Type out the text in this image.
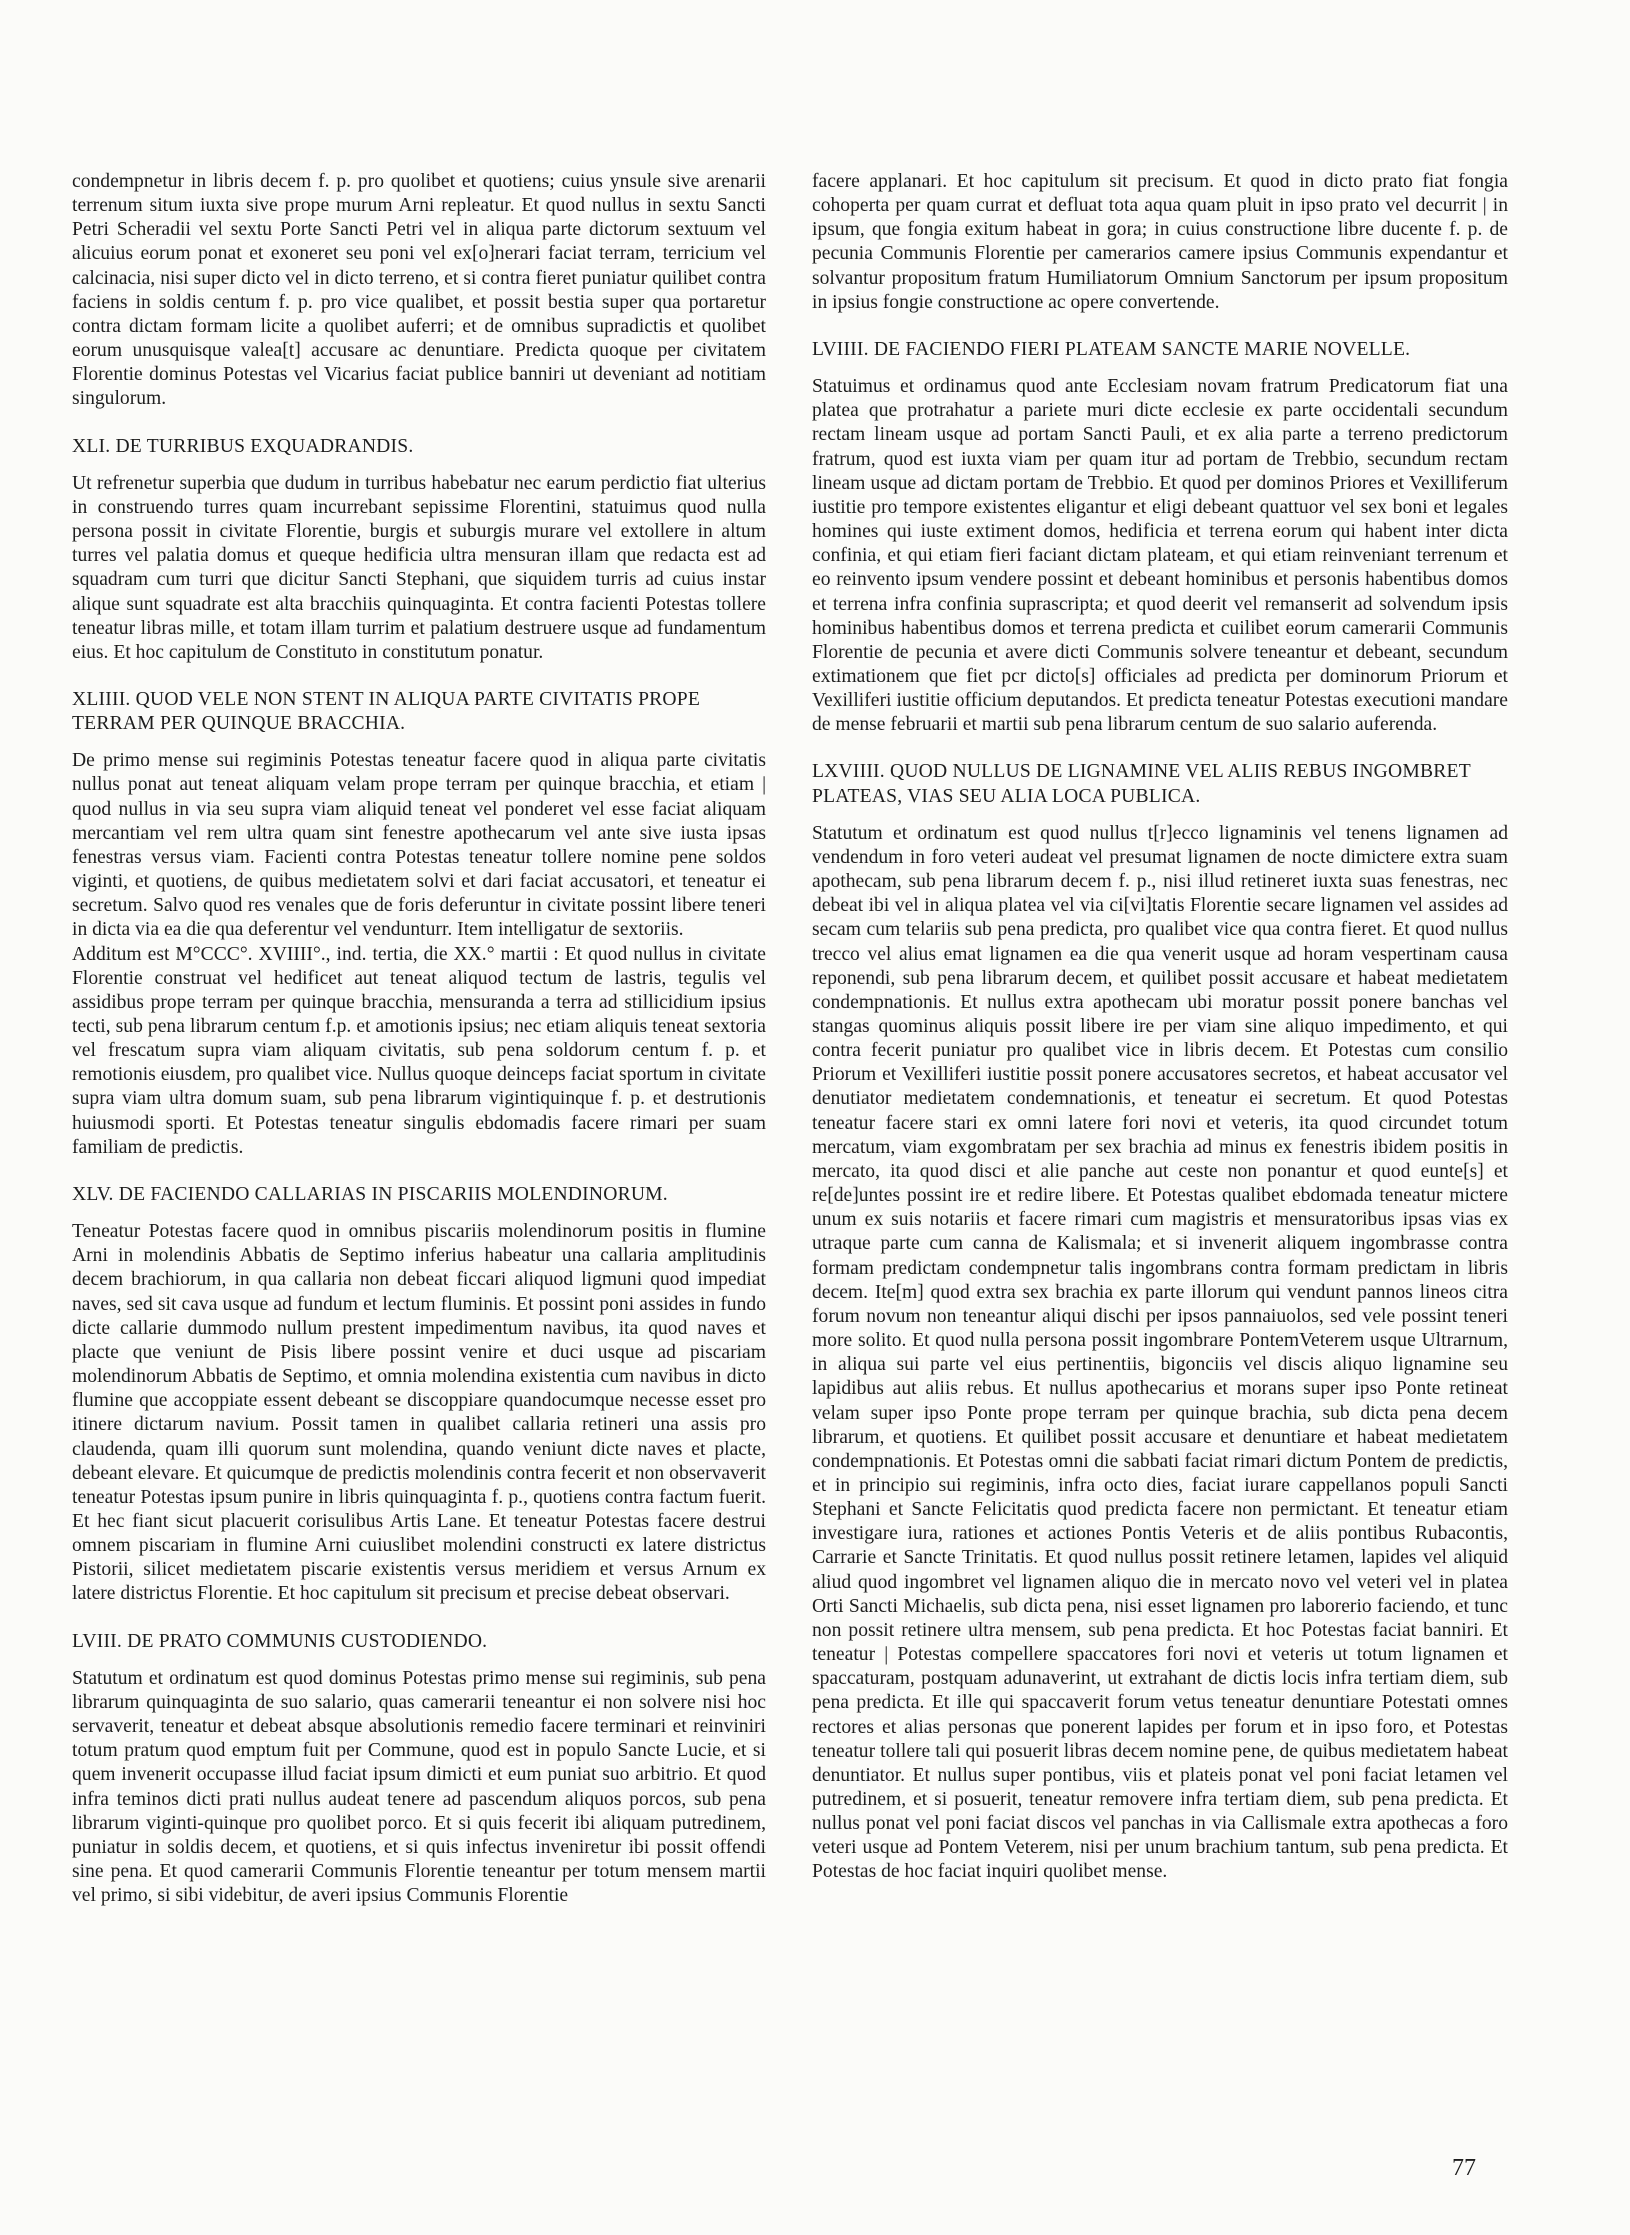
condempnetur in libris decem f. p. pro quolibet et quotiens; cuius ynsule sive arenarii terrenum situm iuxta sive prope murum Arni repleatur. Et quod nullus in sextu Sancti Petri Scheradii vel sextu Porte Sancti Petri vel in aliqua parte dictorum sextuum vel alicuius eorum ponat et exoneret seu poni vel ex[o]nerari faciat terram, terricium vel calcinacia, nisi super dicto vel in dicto terreno, et si contra fieret puniatur quilibet contra faciens in soldis centum f. p. pro vice qualibet, et possit bestia super qua portaretur contra dictam formam licite a quolibet auferri; et de omnibus supradictis et quolibet eorum unusquisque valea[t] accusare ac denuntiare. Predicta quoque per civitatem Florentie dominus Potestas vel Vicarius faciat publice banniri ut deveniant ad notitiam singulorum.

XLI. DE TURRIBUS EXQUADRANDIS.

Ut refrenetur superbia que dudum in turribus habebatur nec earum perdictio fiat ulterius in construendo turres quam incurrebant sepissime Florentini, statuimus quod nulla persona possit in civitate Florentie, burgis et suburgis murare vel extollere in altum turres vel palatia domus et queque hedificia ultra mensuran illam que redacta est ad squadram cum turri que dicitur Sancti Stephani, que siquidem turris ad cuius instar alique sunt squadrate est alta bracchiis quinquaginta. Et contra facienti Potestas tollere teneatur libras mille, et totam illam turrim et palatium destruere usque ad fundamentum eius. Et hoc capitulum de Constituto in constitutum ponatur.

XLIIII. QUOD VELE NON STENT IN ALIQUA PARTE CIVITATIS PROPE TERRAM PER QUINQUE BRACCHIA.

De primo mense sui regiminis Potestas teneatur facere quod in aliqua parte civitatis nullus ponat aut teneat aliquam velam prope terram per quinque bracchia, et etiam | quod nullus in via seu supra viam aliquid teneat vel ponderet vel esse faciat aliquam mercantiam vel rem ultra quam sint fenestre apothecarum vel ante sive iusta ipsas fenestras versus viam. Facienti contra Potestas teneatur tollere nomine pene soldos viginti, et quotiens, de quibus medietatem solvi et dari faciat accusatori, et teneatur ei secretum. Salvo quod res venales que de foris deferuntur in civitate possint libere teneri in dicta via ea die qua deferentur vel vendunturr. Item intelligatur de sextoriis.

Additum est M°CCC°. XVIIII°., ind. tertia, die XX.° martii : Et quod nullus in civitate Florentie construat vel hedificet aut teneat aliquod tectum de lastris, tegulis vel assidibus prope terram per quinque bracchia, mensuranda a terra ad stillicidium ipsius tecti, sub pena librarum centum f.p. et amotionis ipsius; nec etiam aliquis teneat sextoria vel frescatum supra viam aliquam civitatis, sub pena soldorum centum f. p. et remotionis eiusdem, pro qualibet vice. Nullus quoque deinceps faciat sportum in civitate supra viam ultra domum suam, sub pena librarum vigintiquinque f. p. et destrutionis huiusmodi sporti. Et Potestas teneatur singulis ebdomadis facere rimari per suam familiam de predictis.

XLV. DE FACIENDO CALLARIAS IN PISCARIIS MOLENDINORUM.

Teneatur Potestas facere quod in omnibus piscariis molendinorum positis in flumine Arni in molendinis Abbatis de Septimo inferius habeatur una callaria amplitudinis decem brachiorum, in qua callaria non debeat ficcari aliquod ligmuni quod impediat naves, sed sit cava usque ad fundum et lectum fluminis. Et possint poni assides in fundo dicte callarie dummodo nullum prestent impedimentum navibus, ita quod naves et placte que veniunt de Pisis libere possint venire et duci usque ad piscariam molendinorum Abbatis de Septimo, et omnia molendina existentia cum navibus in dicto flumine que accoppiate essent debeant se discoppiare quandocumque necesse esset pro itinere dictarum navium. Possit tamen in qualibet callaria retineri una assis pro claudenda, quam illi quorum sunt molendina, quando veniunt dicte naves et placte, debeant elevare. Et quicumque de predictis molendinis contra fecerit et non observaverit teneatur Potestas ipsum punire in libris quinquaginta f. p., quotiens contra factum fuerit. Et hec fiant sicut placuerit corisulibus Artis Lane. Et teneatur Potestas facere destrui omnem piscariam in flumine Arni cuiuslibet molendini constructi ex latere districtus Pistorii, silicet medietatem piscarie existentis versus meridiem et versus Arnum ex latere districtus Florentie. Et hoc capitulum sit precisum et precise debeat observari.

LVIII. DE PRATO COMMUNIS CUSTODIENDO.

Statutum et ordinatum est quod dominus Potestas primo mense sui regiminis, sub pena librarum quinquaginta de suo salario, quas camerarii teneantur ei non solvere nisi hoc servaverit, teneatur et debeat absque absolutionis remedio facere terminari et reinviniri totum pratum quod emptum fuit per Commune, quod est in populo Sancte Lucie, et si quem invenerit occupasse illud faciat ipsum dimicti et eum puniat suo arbitrio. Et quod infra teminos dicti prati nullus audeat tenere ad pascendum aliquos porcos, sub pena librarum viginti-quinque pro quolibet porco. Et si quis fecerit ibi aliquam putredinem, puniatur in soldis decem, et quotiens, et si quis infectus inveniretur ibi possit offendi sine pena. Et quod camerarii Communis Florentie teneantur per totum mensem martii vel primo, si sibi videbitur, de averi ipsius Communis Florentie

facere applanari. Et hoc capitulum sit precisum. Et quod in dicto prato fiat fongia cohoperta per quam currat et defluat tota aqua quam pluit in ipso prato vel decurrit | in ipsum, que fongia exitum habeat in gora; in cuius constructione libre ducente f. p. de pecunia Communis Florentie per camerarios camere ipsius Communis expendantur et solvantur propositum fratum Humiliatorum Omnium Sanctorum per ipsum propositum in ipsius fongie constructione ac opere convertende.

LVIIII. DE FACIENDO FIERI PLATEAM SANCTE MARIE NOVELLE.

Statuimus et ordinamus quod ante Ecclesiam novam fratrum Predicatorum fiat una platea que protrahatur a pariete muri dicte ecclesie ex parte occidentali secundum rectam lineam usque ad portam Sancti Pauli, et ex alia parte a terreno predictorum fratrum, quod est iuxta viam per quam itur ad portam de Trebbio, secundum rectam lineam usque ad dictam portam de Trebbio. Et quod per dominos Priores et Vexilliferum iustitie pro tempore existentes eligantur et eligi debeant quattuor vel sex boni et legales homines qui iuste extiment domos, hedificia et terrena eorum qui habent inter dicta confinia, et qui etiam fieri faciant dictam plateam, et qui etiam reinveniant terrenum et eo reinvento ipsum vendere possint et debeant hominibus et personis habentibus domos et terrena infra confinia suprascripta; et quod deerit vel remanserit ad solvendum ipsis hominibus habentibus domos et terrena predicta et cuilibet eorum camerarii Communis Florentie de pecunia et avere dicti Communis solvere teneantur et debeant, secundum extimationem que fiet pcr dicto[s] officiales ad predicta per dominorum Priorum et Vexilliferi iustitie officium deputandos. Et predicta teneatur Potestas executioni mandare de mense februarii et martii sub pena librarum centum de suo salario auferenda.

LXVIIII. QUOD NULLUS DE LIGNAMINE VEL ALIIS REBUS INGOMBRET PLATEAS, VIAS SEU ALIA LOCA PUBLICA.

Statutum et ordinatum est quod nullus t[r]ecco lignaminis vel tenens lignamen ad vendendum in foro veteri audeat vel presumat lignamen de nocte dimictere extra suam apothecam, sub pena librarum decem f. p., nisi illud retineret iuxta suas fenestras, nec debeat ibi vel in aliqua platea vel via ci[vi]tatis Florentie secare lignamen vel assides ad secam cum telariis sub pena predicta, pro qualibet vice qua contra fieret. Et quod nullus trecco vel alius emat lignamen ea die qua venerit usque ad horam vespertinam causa reponendi, sub pena librarum decem, et quilibet possit accusare et habeat medietatem condempnationis. Et nullus extra apothecam ubi moratur possit ponere banchas vel stangas quominus aliquis possit libere ire per viam sine aliquo impedimento, et qui contra fecerit puniatur pro qualibet vice in libris decem. Et Potestas cum consilio Priorum et Vexilliferi iustitie possit ponere accusatores secretos, et habeat accusator vel denutiator medietatem condemnationis, et teneatur ei secretum. Et quod Potestas teneatur facere stari ex omni latere fori novi et veteris, ita quod circundet totum mercatum, viam exgombratam per sex brachia ad minus ex fenestris ibidem positis in mercato, ita quod disci et alie panche aut ceste non ponantur et quod eunte[s] et re[de]untes possint ire et redire libere. Et Potestas qualibet ebdomada teneatur mictere unum ex suis notariis et facere rimari cum magistris et mensuratoribus ipsas vias ex utraque parte cum canna de Kalismala; et si invenerit aliquem ingombrasse contra formam predictam condempnetur talis ingombrans contra formam predictam in libris decem. Ite[m] quod extra sex brachia ex parte illorum qui vendunt pannos lineos citra forum novum non teneantur aliqui dischi per ipsos pannaiuolos, sed vele possint teneri more solito. Et quod nulla persona possit ingombrare PontemVeterem usque Ultrarnum, in aliqua sui parte vel eius pertinentiis, bigonciis vel discis aliquo lignamine seu lapidibus aut aliis rebus. Et nullus apothecarius et morans super ipso Ponte retineat velam super ipso Ponte prope terram per quinque brachia, sub dicta pena decem librarum, et quotiens. Et quilibet possit accusare et denuntiare et habeat medietatem condempnationis. Et Potestas omni die sabbati faciat rimari dictum Pontem de predictis, et in principio sui regiminis, infra octo dies, faciat iurare cappellanos populi Sancti Stephani et Sancte Felicitatis quod predicta facere non permictant. Et teneatur etiam investigare iura, rationes et actiones Pontis Veteris et de aliis pontibus Rubacontis, Carrarie et Sancte Trinitatis. Et quod nullus possit retinere letamen, lapides vel aliquid aliud quod ingombret vel lignamen aliquo die in mercato novo vel veteri vel in platea Orti Sancti Michaelis, sub dicta pena, nisi esset lignamen pro laborerio faciendo, et tunc non possit retinere ultra mensem, sub pena predicta. Et hoc Potestas faciat banniri. Et teneatur | Potestas compellere spaccatores fori novi et veteris ut totum lignamen et spaccaturam, postquam adunaverint, ut extrahant de dictis locis infra tertiam diem, sub pena predicta. Et ille qui spaccaverit forum vetus teneatur denuntiare Potestati omnes rectores et alias personas que ponerent lapides per forum et in ipso foro, et Potestas teneatur tollere tali qui posuerit libras decem nomine pene, de quibus medietatem habeat denuntiator. Et nullus super pontibus, viis et plateis ponat vel poni faciat letamen vel putredinem, et si posuerit, teneatur removere infra tertiam diem, sub pena predicta. Et nullus ponat vel poni faciat discos vel panchas in via Callismale extra apothecas a foro veteri usque ad Pontem Veterem, nisi per unum brachium tantum, sub pena predicta. Et Potestas de hoc faciat inquiri quolibet mense.

77
